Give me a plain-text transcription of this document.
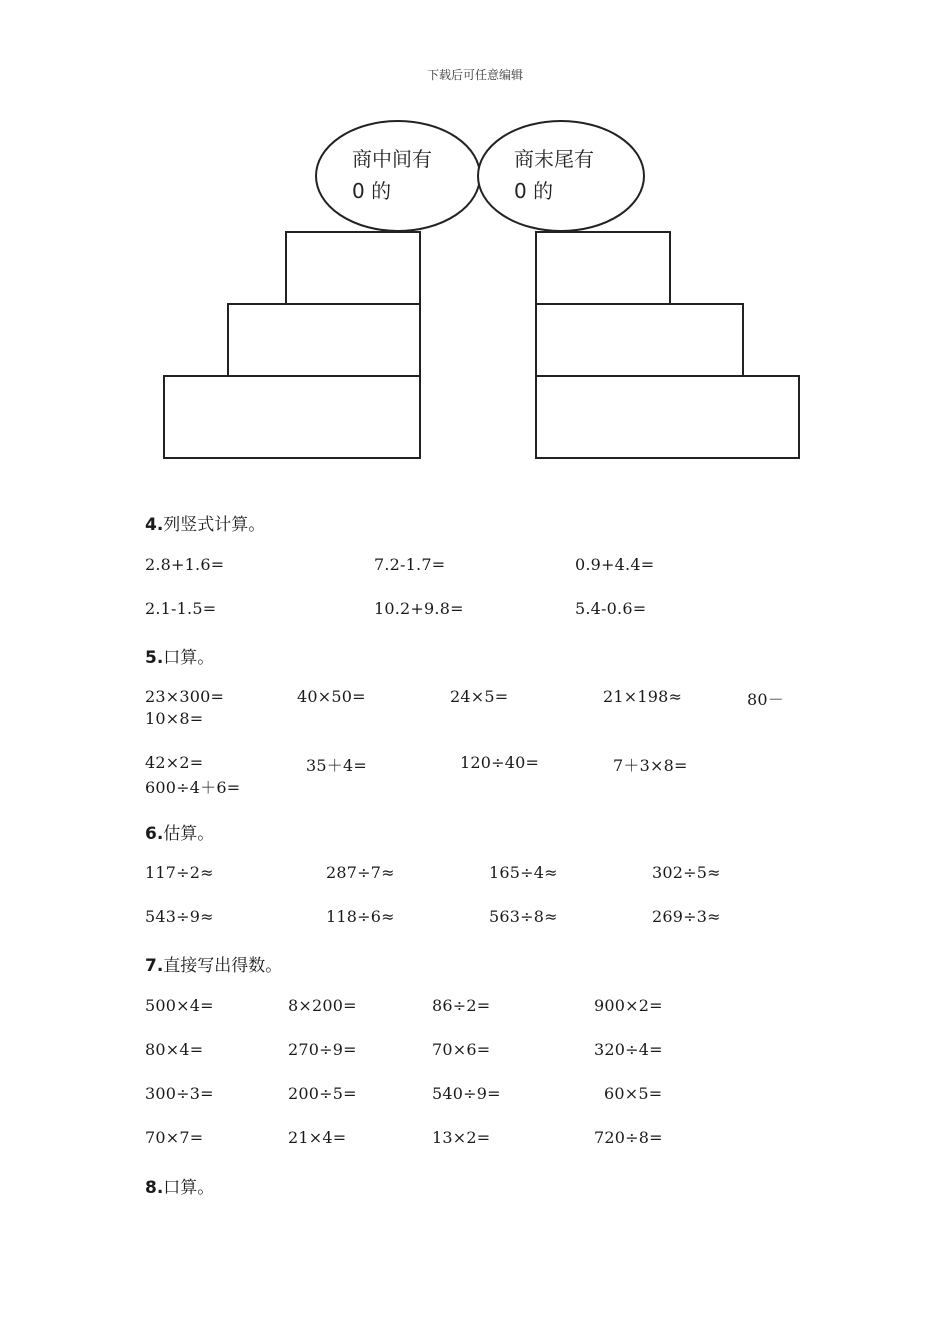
下载后可任意编辑
商中间有
0 的
商末尾有
0 的
4.列竖式计算。
2.8+1.6=	7.2-1.7=	0.9+4.4=
2.1-1.5=	10.2+9.8=	5.4-0.6=
5.口算。
23×300=	40×50=	24×5=	21×198≈	80－
10×8=
42×2=	35＋4=	120÷40=	7＋3×8=
600÷4＋6=
6.估算。
117÷2≈	287÷7≈	165÷4≈	302÷5≈
543÷9≈	118÷6≈	563÷8≈	269÷3≈
7.直接写出得数。
500×4=	8×200=	86÷2=	900×2=
80×4=	270÷9=	70×6=	320÷4=
300÷3=	200÷5=	540÷9=	60×5=
70×7=	21×4=	13×2=	720÷8=
8.口算。
